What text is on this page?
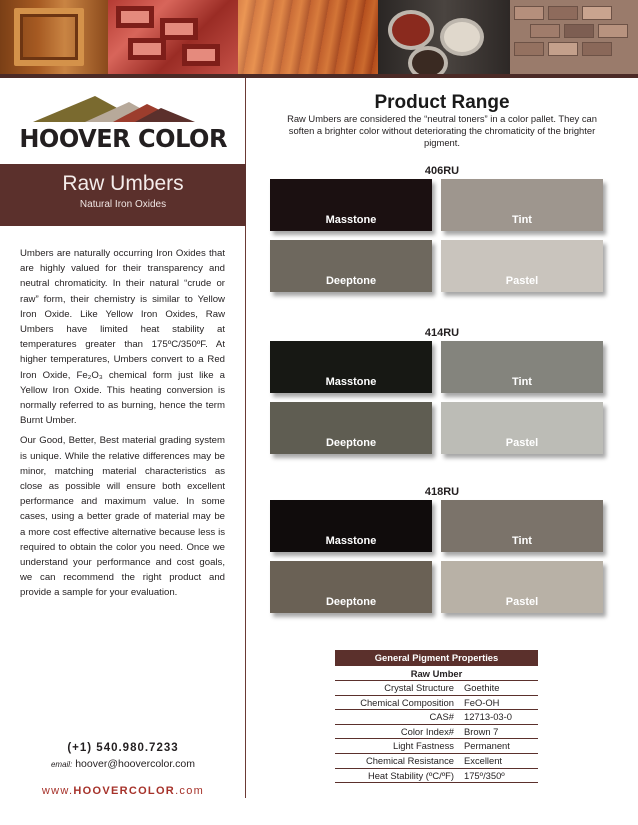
HOOVER COLOR
Raw Umbers
Natural Iron Oxides

Umbers are naturally occurring Iron Oxides that are highly valued for their transparency and neutral chromaticity. In their natural “crude or raw” form, their chemistry is similar to Yellow Iron Oxide. Like Yellow Iron Oxides, Raw Umbers have limited heat stability at temperatures greater than 175ºC/350ºF. At higher temperatures, Umbers convert to a Red Iron Oxide, Fe₂O₃ chemical form just like a Yellow Iron Oxide. This heating conversion is normally referred to as burning, hence the term Burnt Umber.

Our Good, Better, Best material grading system is unique. While the relative differences may be minor, matching material characteristics as close as possible will ensure both excellent performance and maximum value. In some cases, using a better grade of material may be a more cost effective alternative because less is required to obtain the color you need. Once we understand your performance and cost goals, we can recommend the right product and provide a sample for your evaluation.

(+1) 540.980.7233
email: hoover@hoovercolor.com
www.HOOVERCOLOR.com
Product Range
Raw Umbers are considered the “neutral toners” in a color pallet. They can soften a brighter color without deteriorating the chromaticity of the brighter pigment.
406RU
Masstone	Tint
Deeptone	Pastel
414RU
Masstone	Tint
Deeptone	Pastel
418RU
Masstone	Tint
Deeptone	Pastel
General Pigment Properties
Raw Umber
Crystal Structure Goethite
Chemical Composition FeO-OH
CAS# 12713-03-0
Color Index# Brown 7
Light Fastness Permanent
Chemical Resistance Excellent
Heat Stability (ºC/ºF) 175º/350º
